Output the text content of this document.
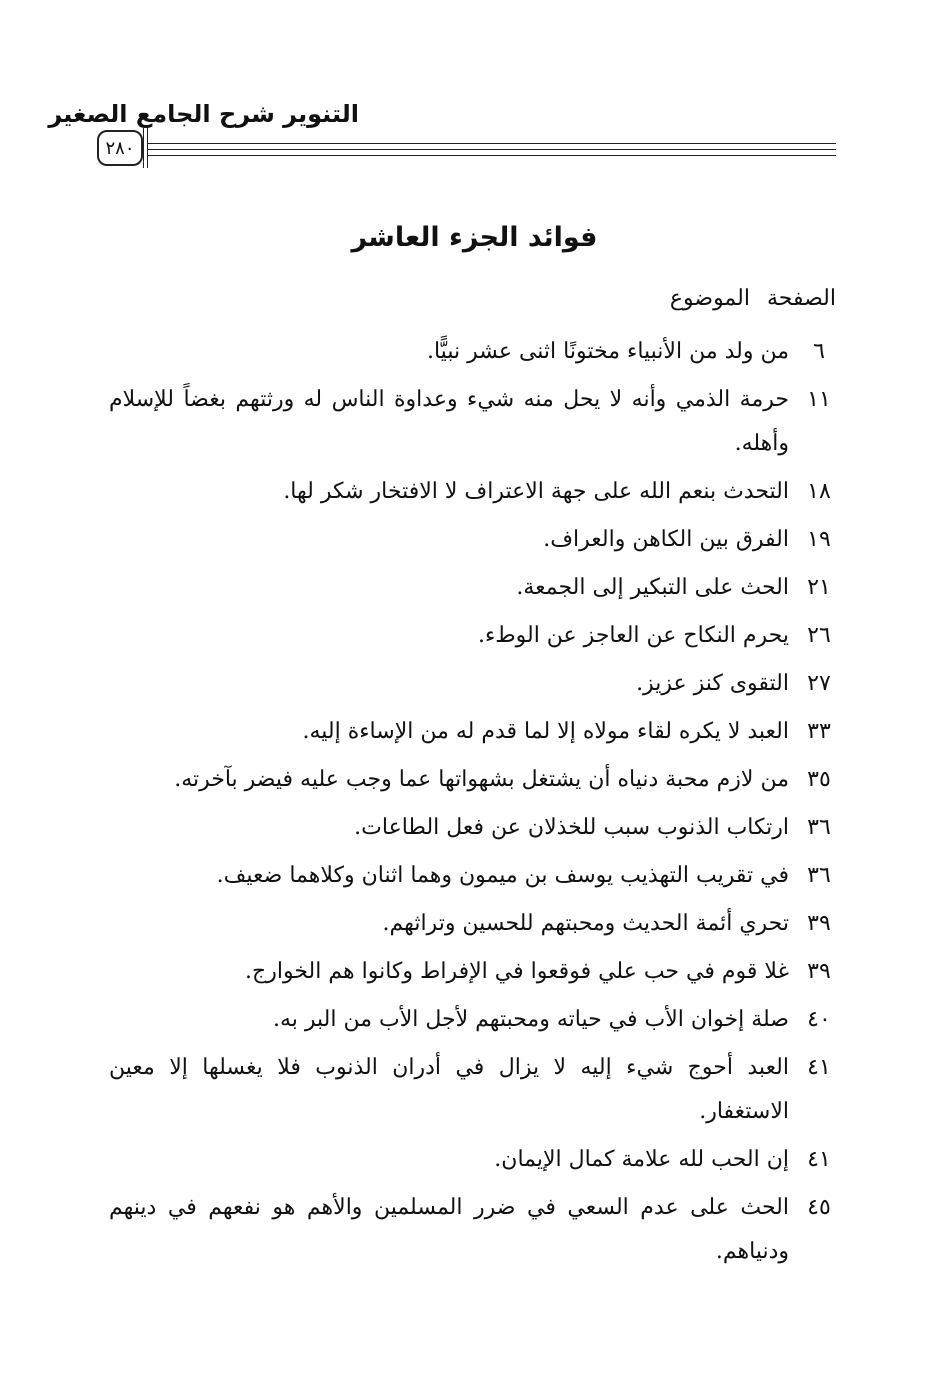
التنوير شرح الجامع الصغير
٢٨٠
فوائد الجزء العاشر
الصفحة الموضوع
٦
من ولد من الأنبياء مختونًا اثنى عشر نبيًّا.
١١
حرمة الذمي وأنه لا يحل منه شيء وعداوة الناس له ورثتهم بغضاً للإسلام وأهله.
١٨
التحدث بنعم الله على جهة الاعتراف لا الافتخار شكر لها.
١٩
الفرق بين الكاهن والعراف.
٢١
الحث على التبكير إلى الجمعة.
٢٦
يحرم النكاح عن العاجز عن الوطء.
٢٧
التقوى كنز عزيز.
٣٣
العبد لا يكره لقاء مولاه إلا لما قدم له من الإساءة إليه.
٣٥
من لازم محبة دنياه أن يشتغل بشهواتها عما وجب عليه فيضر بآخرته.
٣٦
ارتكاب الذنوب سبب للخذلان عن فعل الطاعات.
٣٦
في تقريب التهذيب يوسف بن ميمون وهما اثنان وكلاهما ضعيف.
٣٩
تحري أئمة الحديث ومحبتهم للحسين وتراثهم.
٣٩
غلا قوم في حب علي فوقعوا في الإفراط وكانوا هم الخوارج.
٤٠
صلة إخوان الأب في حياته ومحبتهم لأجل الأب من البر به.
٤١
العبد أحوج شيء إليه لا يزال في أدران الذنوب فلا يغسلها إلا معين الاستغفار.
٤١
إن الحب لله علامة كمال الإيمان.
٤٥
الحث على عدم السعي في ضرر المسلمين والأهم هو نفعهم في دينهم ودنياهم.
